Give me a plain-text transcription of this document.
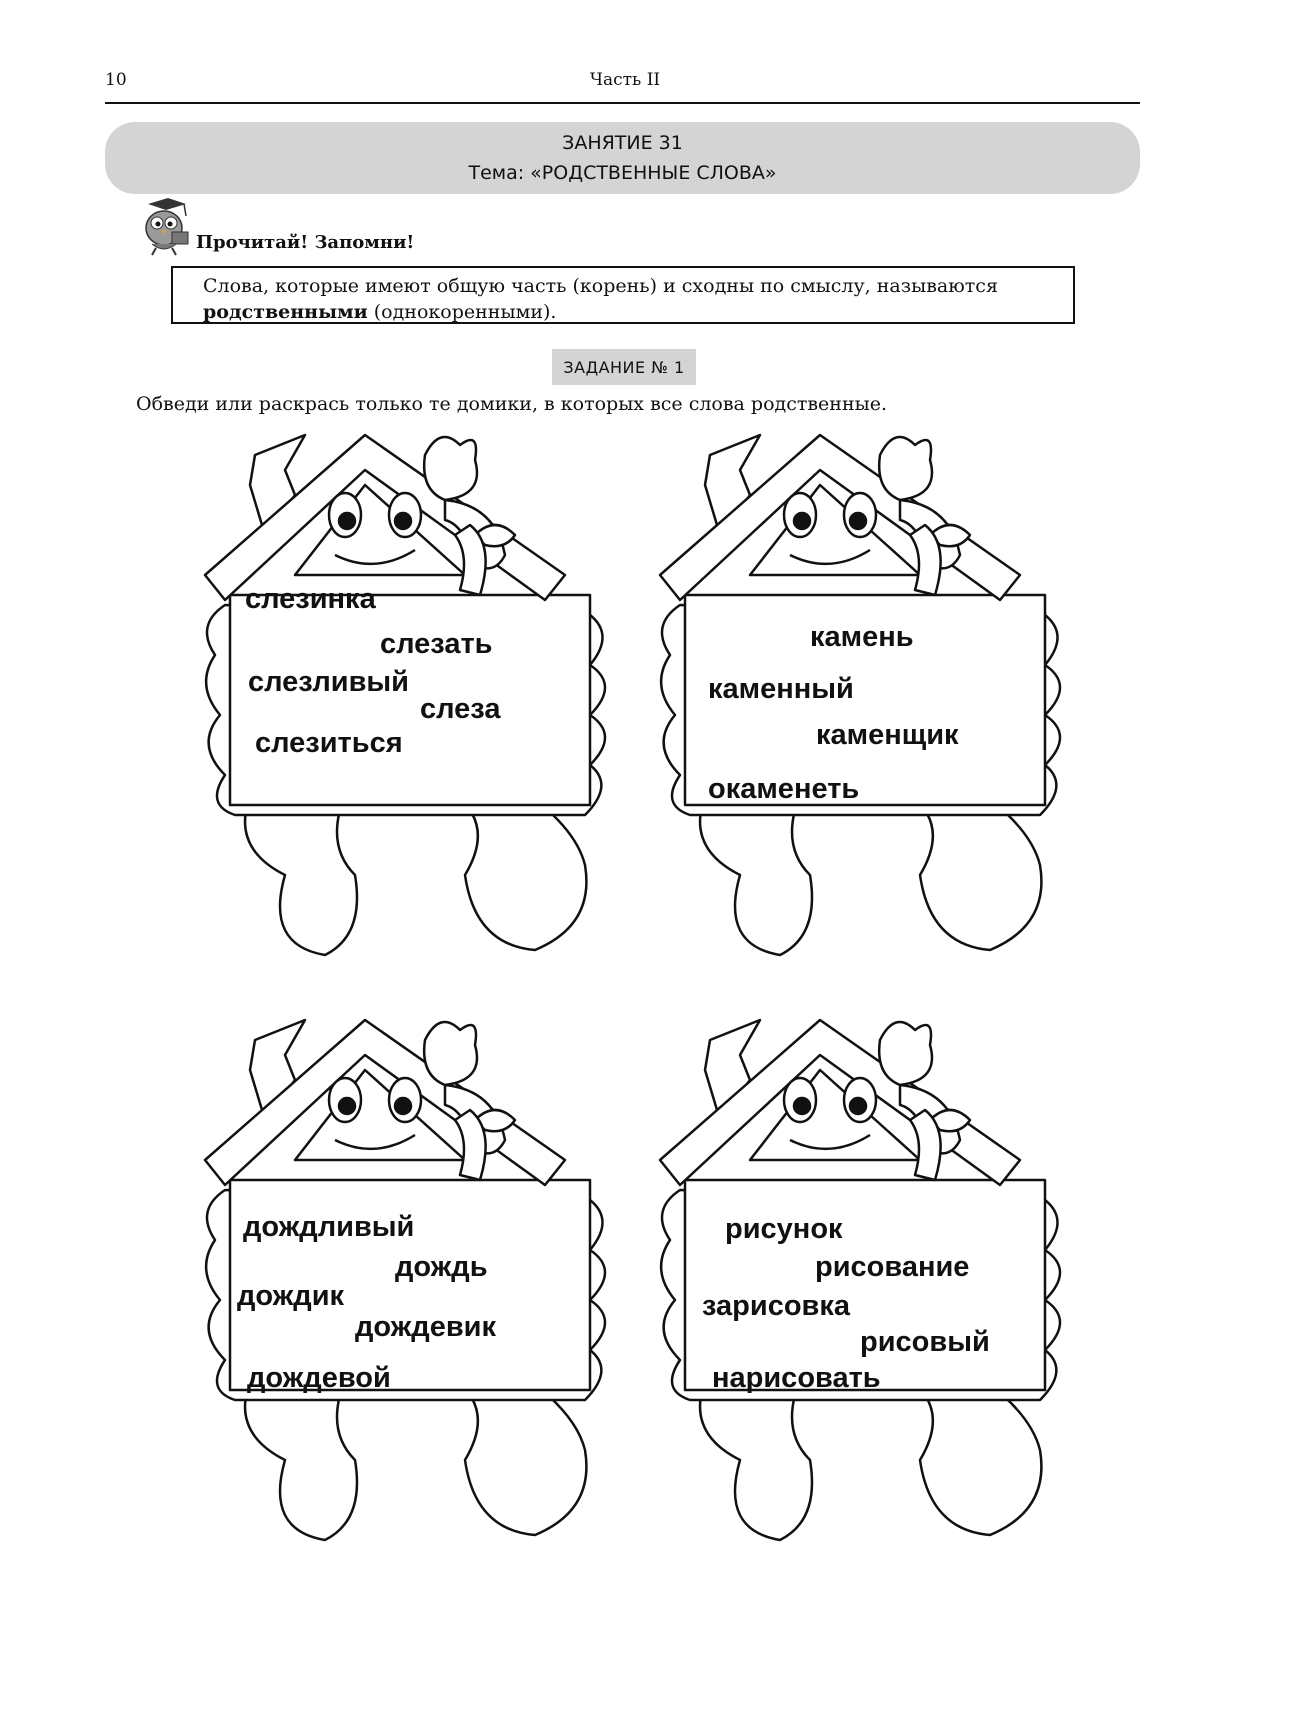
10	Часть II
ЗАНЯТИЕ 31
Тема: «РОДСТВЕННЫЕ СЛОВА»
Прочитай! Запомни!
Слова, которые имеют общую часть (корень) и сходны по смыслу, называются родственными (однокоренными).
ЗАДАНИЕ № 1
Обведи или раскрась только те домики, в которых все слова родственные.
слезинка
слезать
слезливый
слеза
слезиться
камень
каменный
каменщик
окаменеть
дождливый
дождь
дождик
дождевик
дождевой
рисунок
рисование
зарисовка
рисовый
нарисовать
